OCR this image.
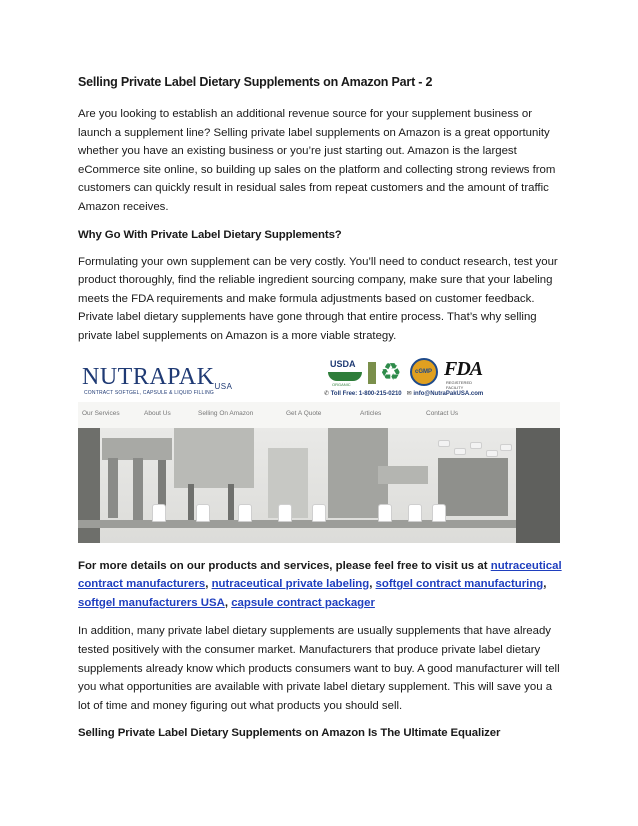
Selling Private Label Dietary Supplements on Amazon Part - 2

Are you looking to establish an additional revenue source for your supplement business or launch a supplement line? Selling private label supplements on Amazon is a great opportunity whether you have an existing business or you’re just starting out. Amazon is the largest eCommerce site online, so building up sales on the platform and collecting strong reviews from customers can quickly result in residual sales from repeat customers and the amount of traffic Amazon receives.

Why Go With Private Label Dietary Supplements?

Formulating your own supplement can be very costly. You’ll need to conduct research, test your product thoroughly, find the reliable ingredient sourcing company, make sure that your labeling meets the FDA requirements and make formula adjustments based on customer feedback. Private label dietary supplements have gone through that entire process. That’s why selling private label supplements on Amazon is a more viable strategy.

NUTRAPAKUSA
CONTRACT SOFTGEL, CAPSULE & LIQUID FILLING
USDA
ORGANIC ♻	cGMP FDA
REGISTERED FACILITY
✆ Toll Free: 1-800-215-0210 ✉ info@NutraPakUSA.com
Our Services	About Us	Selling On Amazon	Get A Quote	Articles	Contact Us

For more details on our products and services, please feel free to visit us at nutraceutical contract manufacturers, nutraceutical private labeling, softgel contract manufacturing, softgel manufacturers USA, capsule contract packager

In addition, many private label dietary supplements are usually supplements that have already tested positively with the consumer market. Manufacturers that produce private label dietary supplements already know which products consumers want to buy. A good manufacturer will tell you what opportunities are available with private label dietary supplement. This will save you a lot of time and money figuring out what products you should sell.

Selling Private Label Dietary Supplements on Amazon Is The Ultimate Equalizer
